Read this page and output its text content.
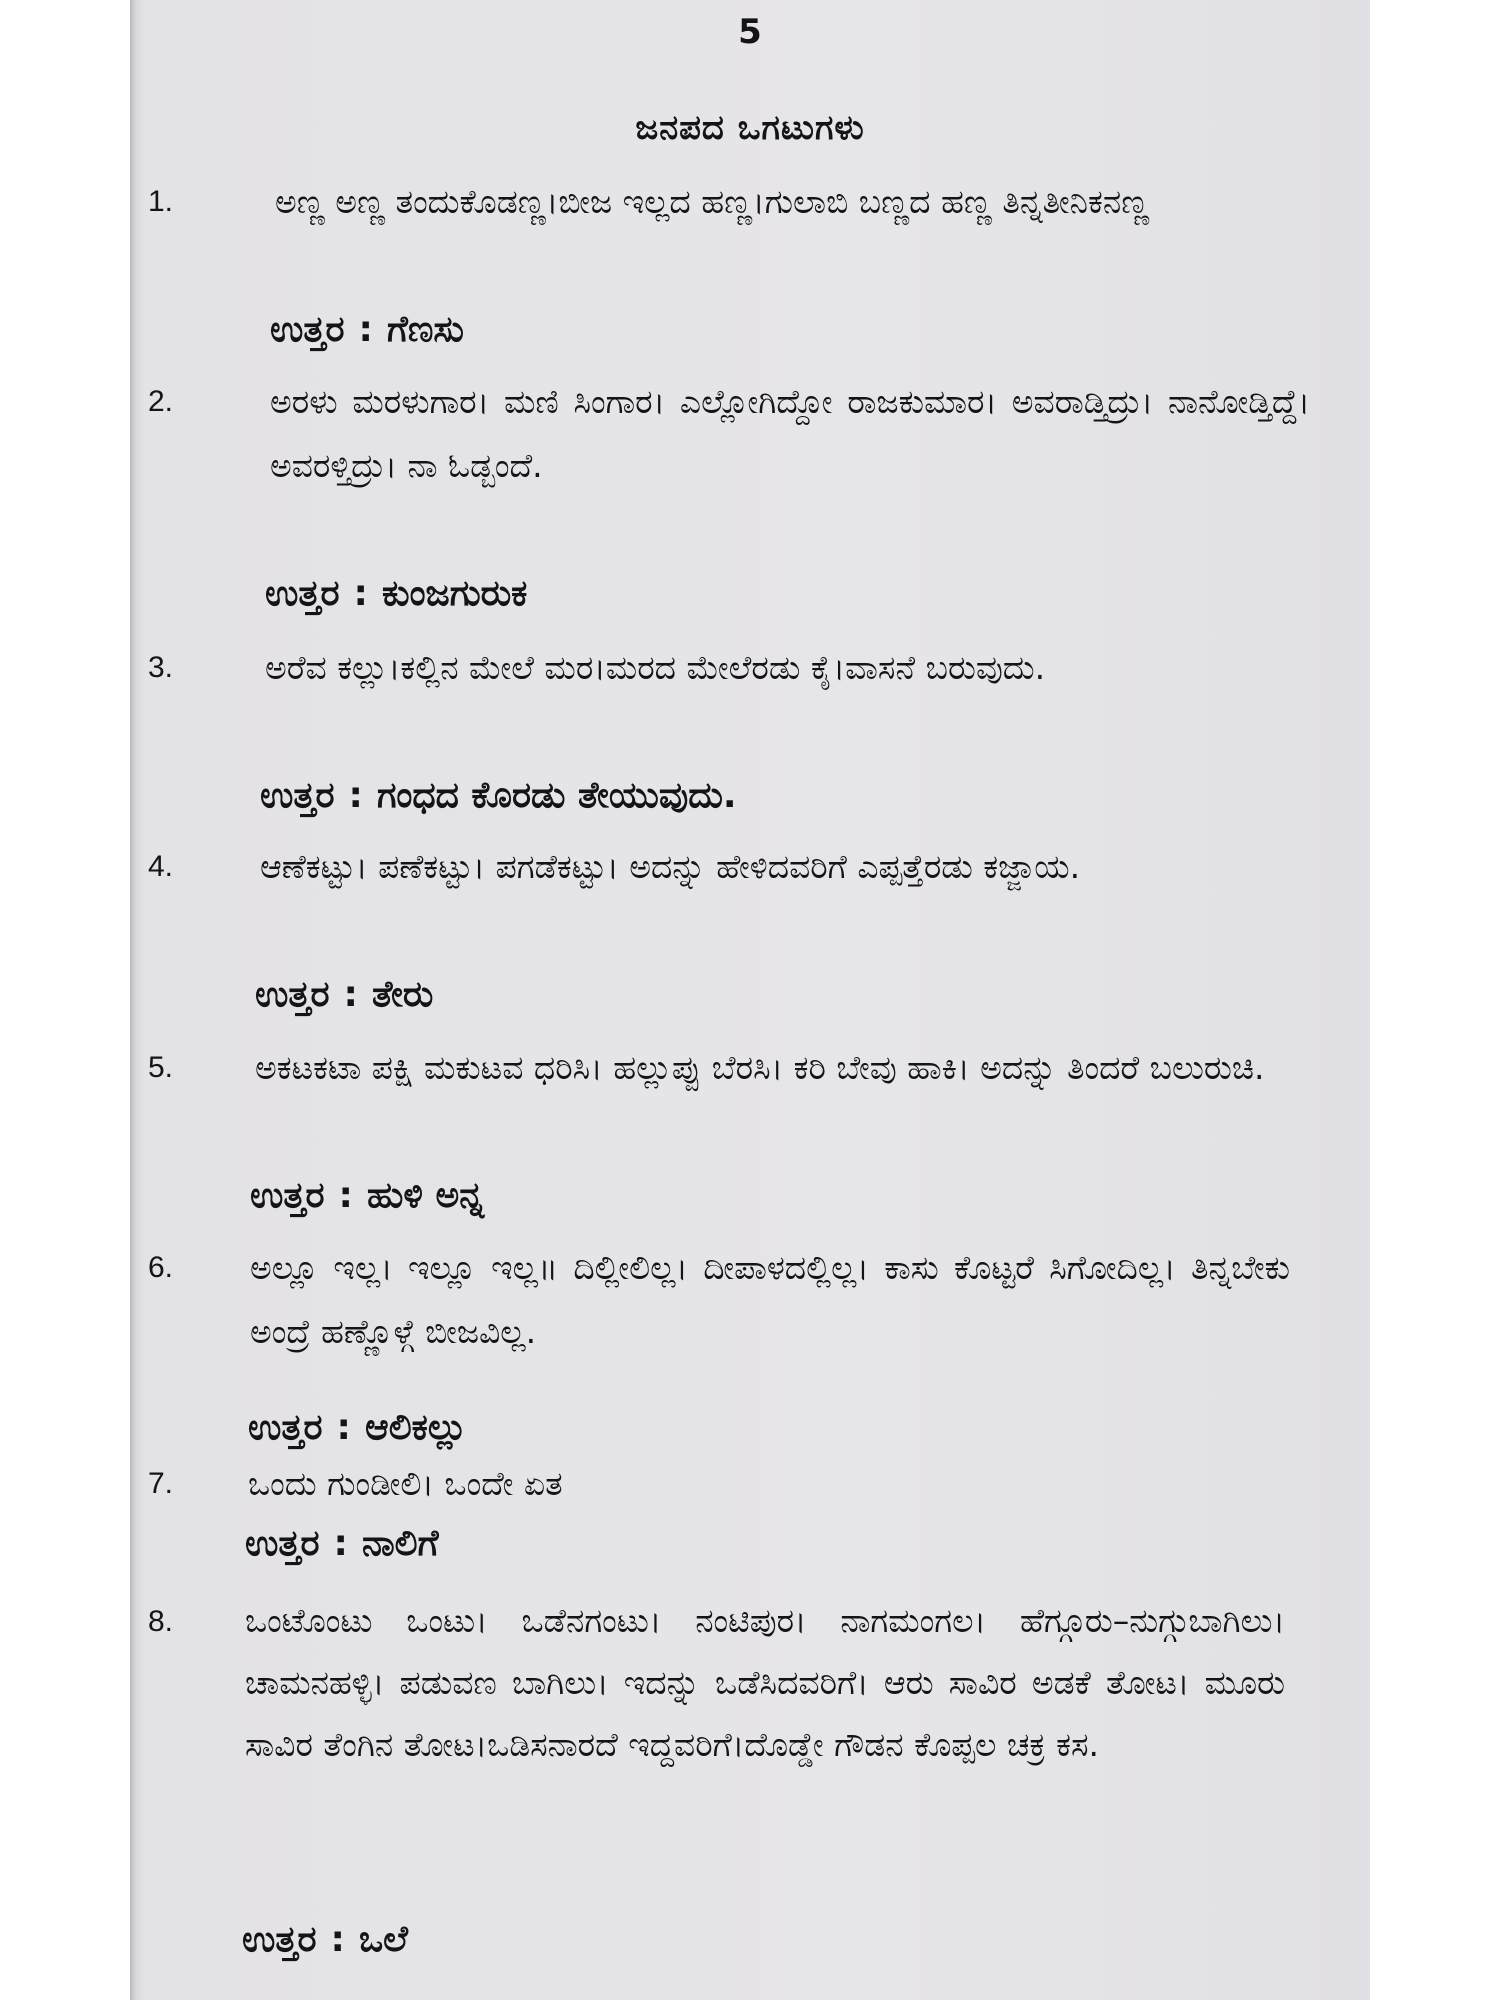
5
ಜನಪದ ಒಗಟುಗಳು
1.	ಅಣ್ಣ ಅಣ್ಣ ತಂದುಕೊಡಣ್ಣ।ಬೀಜ ಇಲ್ಲದ ಹಣ್ಣ।ಗುಲಾಬಿ ಬಣ್ಣದ ಹಣ್ಣ ತಿನ್ನತೀನಿಕನಣ್ಣ

ಉತ್ತರ : ಗೆಣಸು
2.	ಅರಳು ಮರಳುಗಾರ। ಮಣಿ ಸಿಂಗಾರ। ಎಲ್ಲೋಗಿದ್ದೋ ರಾಜಕುಮಾರ। ಅವರಾಡ್ತಿದ್ರು। ನಾನೋಡ್ತಿದ್ದೆ। ಅವರಳ್ತಿದ್ರು। ನಾ ಓಡ್ಬಂದೆ.

ಉತ್ತರ : ಕುಂಜಗುರುಕ
3.	ಅರೆವ ಕಲ್ಲು।ಕಲ್ಲಿನ ಮೇಲೆ ಮರ।ಮರದ ಮೇಲೆರಡು ಕೈ।ವಾಸನೆ ಬರುವುದು.

ಉತ್ತರ : ಗಂಧದ ಕೊರಡು ತೇಯುವುದು.
4.	ಆಣೆಕಟ್ಟು। ಪಣೆಕಟ್ಟು। ಪಗಡೆಕಟ್ಟು। ಅದನ್ನು ಹೇಳಿದವರಿಗೆ ಎಪ್ಪತ್ತೆರಡು ಕಜ್ಜಾಯ.

ಉತ್ತರ : ತೇರು
5. ಅಕಟಕಟಾ ಪಕ್ಷಿ ಮಕುಟವ ಧರಿಸಿ। ಹಲ್ಲುಪ್ಪು ಬೆರಸಿ। ಕರಿ ಬೇವು ಹಾಕಿ। ಅದನ್ನು ತಿಂದರೆ ಬಲುರುಚಿ.

ಉತ್ತರ : ಹುಳಿ ಅನ್ನ
6. ಅಲ್ಲೂ ಇಲ್ಲ। ಇಲ್ಲೂ ಇಲ್ಲ॥ ದಿಲ್ಲೀಲಿಲ್ಲ। ದೀಪಾಳದಲ್ಲಿಲ್ಲ। ಕಾಸು ಕೊಟ್ಟರೆ ಸಿಗೋದಿಲ್ಲ। ತಿನ್ನಬೇಕು ಅಂದ್ರೆ ಹಣ್ಣೊಳ್ಗೆ ಬೀಜವಿಲ್ಲ.

ಉತ್ತರ : ಆಲಿಕಲ್ಲು
7. ಒಂದು ಗುಂಡೀಲಿ। ಒಂದೇ ಏತ

ಉತ್ತರ : ನಾಲಿಗೆ
8. ಒಂಟೊಂಟು ಒಂಟು। ಒಡೆನಗಂಟು। ನಂಟಿಪುರ। ನಾಗಮಂಗಲ। ಹೆಗ್ಗೂರು–ನುಗ್ಗುಬಾಗಿಲು। ಚಾಮನಹಳ್ಳಿ। ಪಡುವಣ ಬಾಗಿಲು। ಇದನ್ನು ಒಡೆಸಿದವರಿಗೆ। ಆರು ಸಾವಿರ ಅಡಕೆ ತೋಟ। ಮೂರು ಸಾವಿರ ತೆಂಗಿನ ತೋಟ।ಒಡಿಸನಾರದೆ ಇದ್ದವರಿಗೆ।ದೊಡ್ಡೇ ಗೌಡನ ಕೊಪ್ಪಲ ಚಕ್ರ ಕಸ.

ಉತ್ತರ : ಒಲೆ
